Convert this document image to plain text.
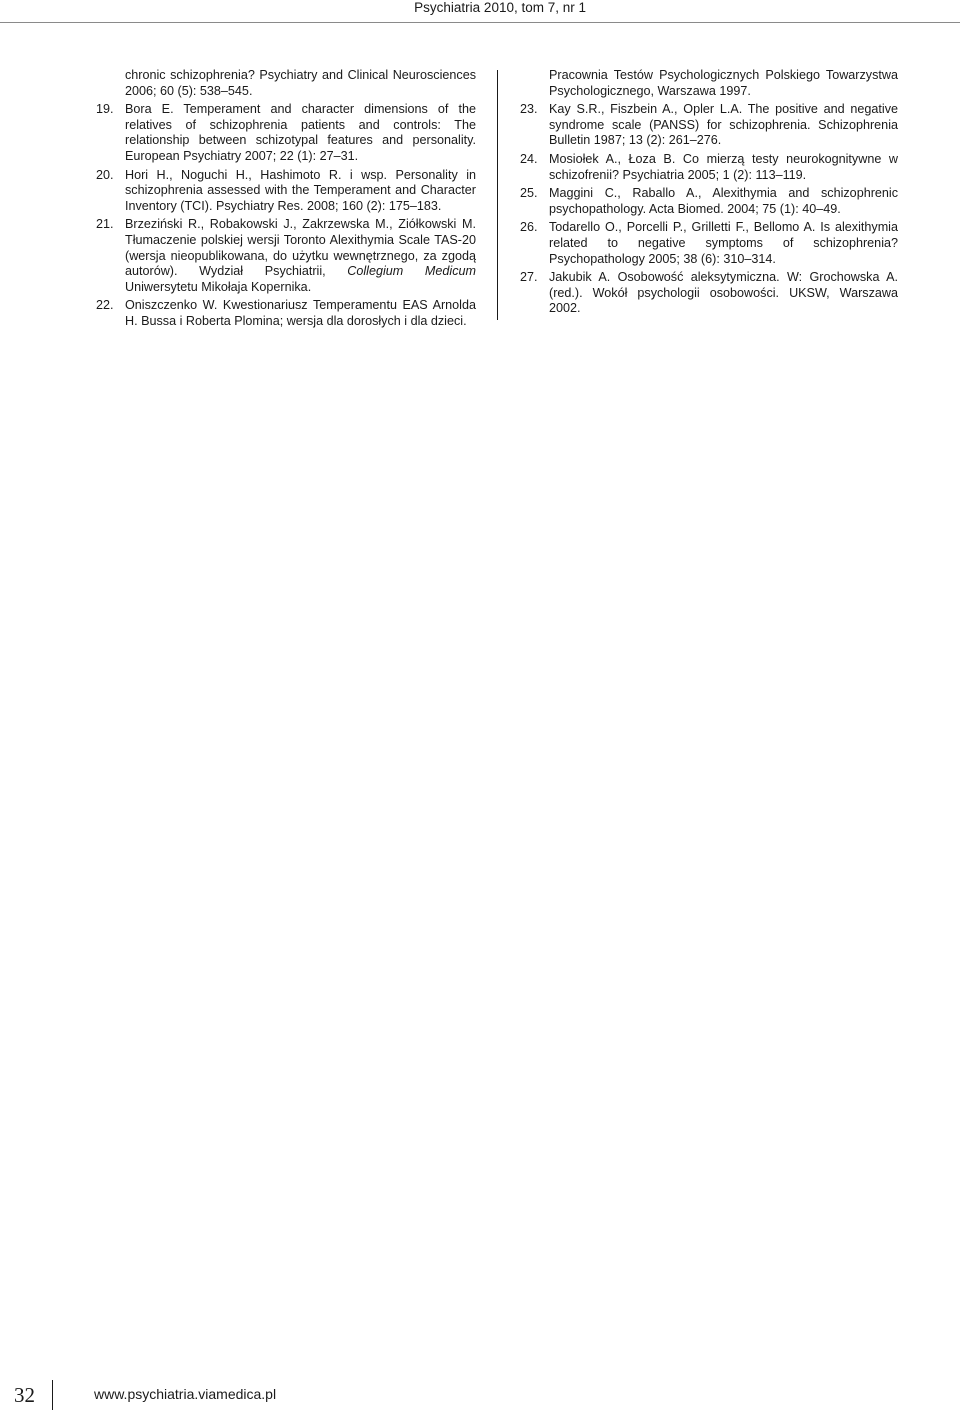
Psychiatria 2010, tom 7, nr 1
chronic schizophrenia? Psychiatry and Clinical Neurosciences 2006; 60 (5): 538–545.
19. Bora E. Temperament and character dimensions of the relatives of schizophrenia patients and controls: The relationship between schizotypal features and personality. European Psychiatry 2007; 22 (1): 27–31.
20. Hori H., Noguchi H., Hashimoto R. i wsp. Personality in schizophrenia assessed with the Temperament and Character Inventory (TCI). Psychiatry Res. 2008; 160 (2): 175–183.
21. Brzeziński R., Robakowski J., Zakrzewska M., Ziółkowski M. Tłumaczenie polskiej wersji Toronto Alexithymia Scale TAS-20 (wersja nieopublikowana, do użytku wewnętrznego, za zgodą autorów). Wydział Psychiatrii, Collegium Medicum Uniwersytetu Mikołaja Kopernika.
22. Oniszczenko W. Kwestionariusz Temperamentu EAS Arnolda H. Bussa i Roberta Plomina; wersja dla dorosłych i dla dzieci.
Pracownia Testów Psychologicznych Polskiego Towarzystwa Psychologicznego, Warszawa 1997.
23. Kay S.R., Fiszbein A., Opler L.A. The positive and negative syndrome scale (PANSS) for schizophrenia. Schizophrenia Bulletin 1987; 13 (2): 261–276.
24. Mosiołek A., Łoza B. Co mierzą testy neurokognitywne w schizofrenii? Psychiatria 2005; 1 (2): 113–119.
25. Maggini C., Raballo A., Alexithymia and schizophrenic psychopathology. Acta Biomed. 2004; 75 (1): 40–49.
26. Todarello O., Porcelli P., Grilletti F., Bellomo A. Is alexithymia related to negative symptoms of schizophrenia? Psychopathology 2005; 38 (6): 310–314.
27. Jakubik A. Osobowość aleksytymiczna. W: Grochowska A. (red.). Wokół psychologii osobowości. UKSW, Warszawa 2002.
32	www.psychiatria.viamedica.pl
